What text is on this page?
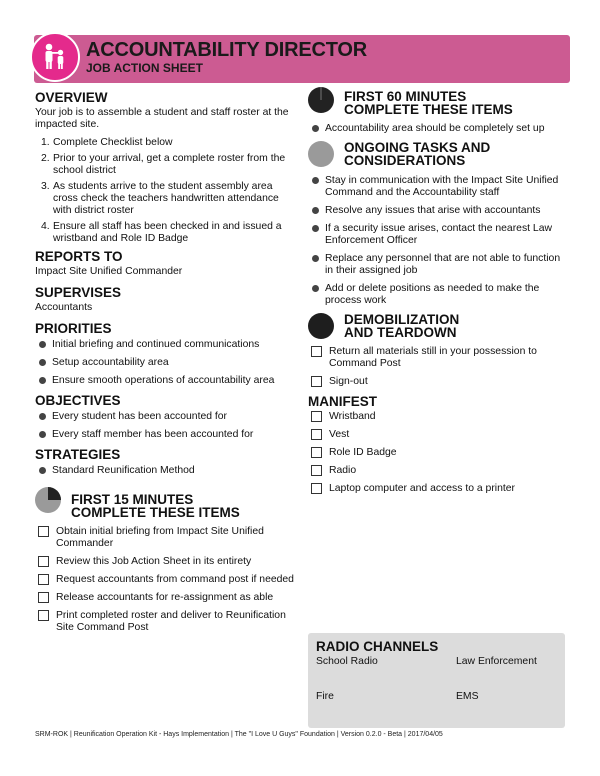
ACCOUNTABILITY DIRECTOR
JOB ACTION SHEET
OVERVIEW

Your job is to assemble a student and staff roster at the impacted site.

1. Complete Checklist below
2. Prior to your arrival, get a complete roster from the school district
3. As students arrive to the student assembly area cross check the teachers handwritten attendance with district roster
4. Ensure all staff has been checked in and issued a wristband and Role ID Badge
REPORTS TO
Impact Site Unified Commander
SUPERVISES
Accountants
PRIORITIES
Initial briefing and continued communications
Setup accountability area
Ensure smooth operations of accountability area
OBJECTIVES
Every student has been accounted for
Every staff member has been accounted for
STRATEGIES
Standard Reunification Method
FIRST 15 MINUTES
COMPLETE THESE ITEMS
Obtain initial briefing from Impact Site Unified Commander
Review this Job Action Sheet in its entirety
Request accountants from command post if needed
Release accountants for re-assignment as able
Print completed roster and deliver to Reunification Site Command Post
FIRST 60 MINUTES
COMPLETE THESE ITEMS
Accountability area should be completely set up
ONGOING TASKS AND
CONSIDERATIONS
Stay in communication with the Impact Site Unified Command and the Accountability staff
Resolve any issues that arise with accountants
If a security issue arises, contact the nearest Law Enforcement Officer
Replace any personnel that are not able to function in their assigned job
Add or delete positions as needed to make the process work
DEMOBILIZATION
AND TEARDOWN
Return all materials still in your possession to Command Post
Sign-out
MANIFEST
Wristband
Vest
Role ID Badge
Radio
Laptop computer and access to a printer
RADIO CHANNELS
School Radio	Law Enforcement
Fire	EMS
SRM-ROK | Reunification Operation Kit - Hays Implementation | The "I Love U Guys" Foundation | Version 0.2.0 - Beta | 2017/04/05
